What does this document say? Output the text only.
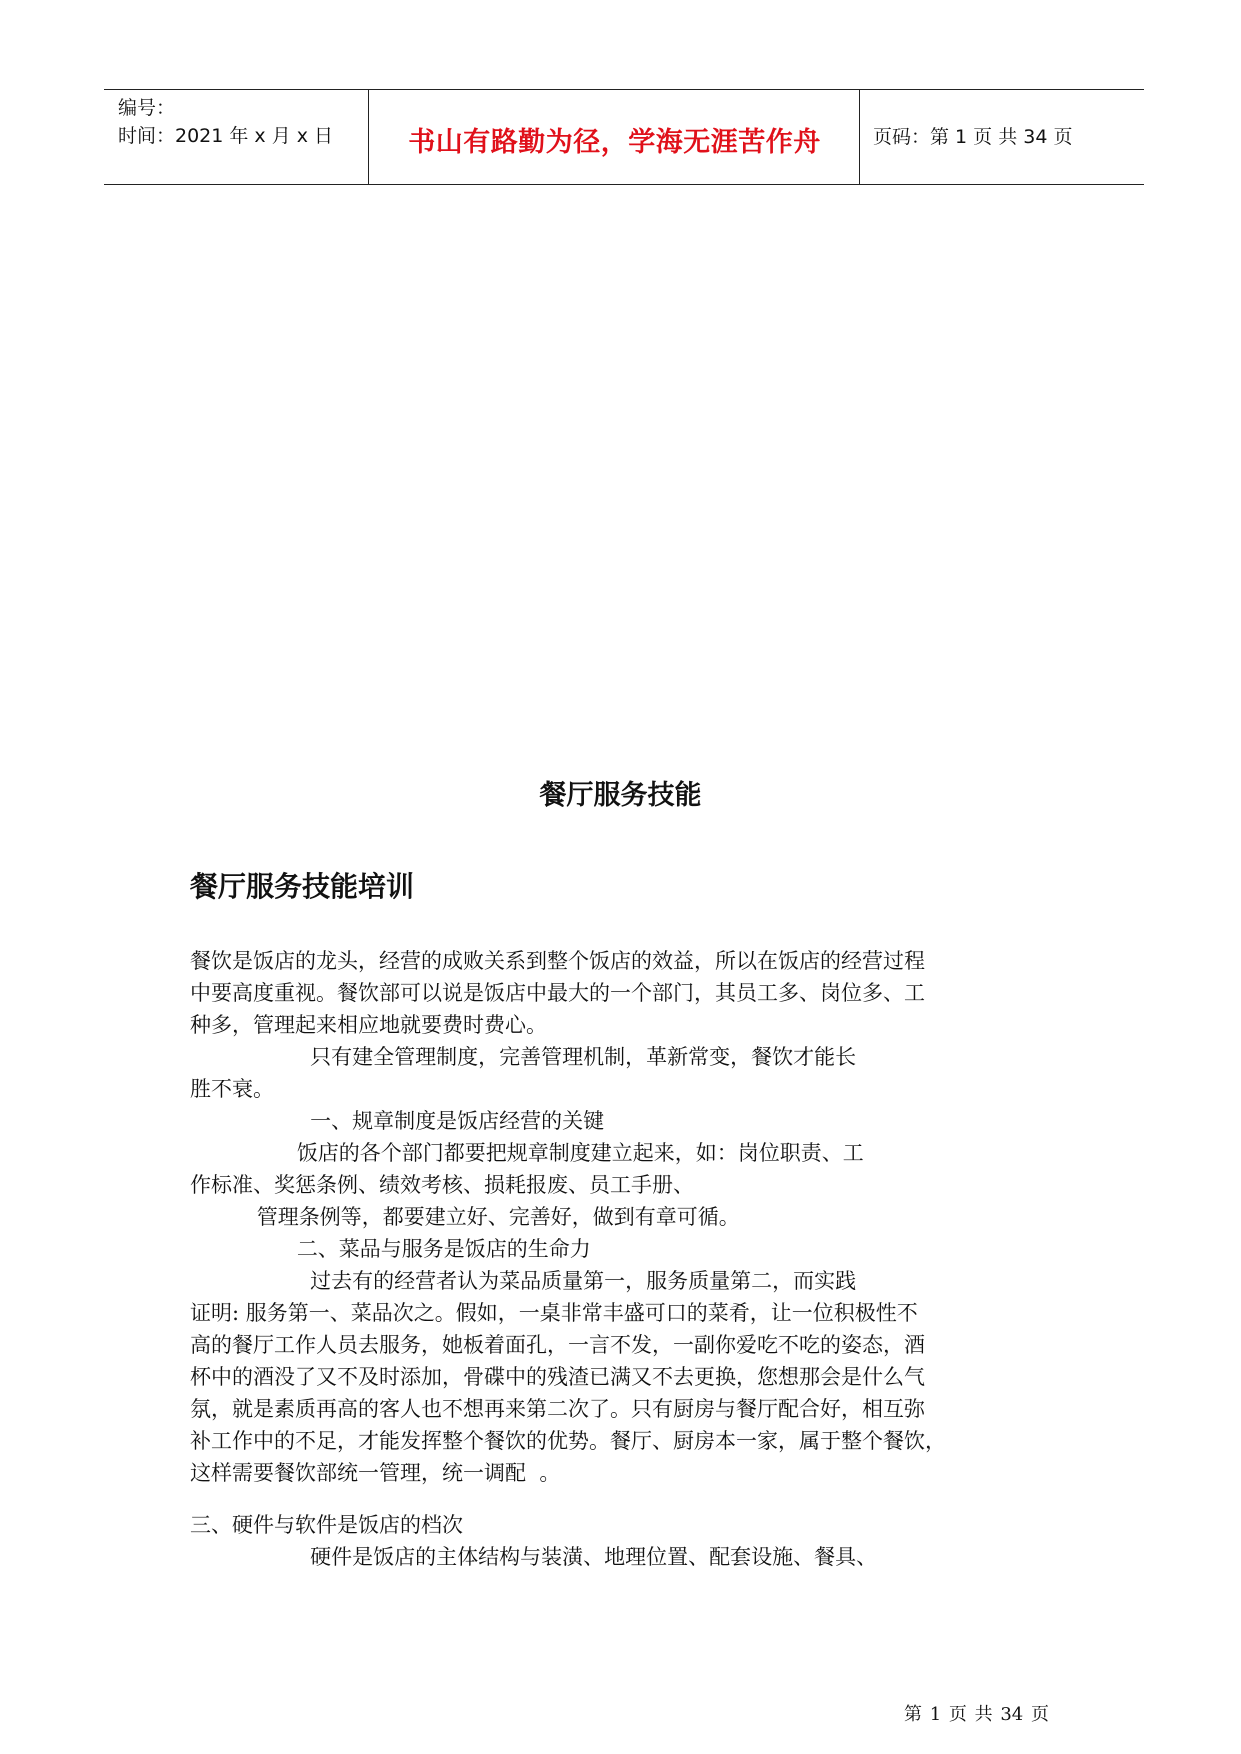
编号：
时间：2021 年 x 月 x 日	书山有路勤为径，学海无涯苦作舟	页码：第 1 页 共 34 页
餐厅服务技能
餐厅服务技能培训

餐饮是饭店的龙头，经营的成败关系到整个饭店的效益，所以在饭店的经营过程

中要高度重视。餐饮部可以说是饭店中最大的一个部门，其员工多、岗位多、工

种多，管理起来相应地就要费时费心。

只有建全管理制度，完善管理机制，革新常变，餐饮才能长

胜不衰。

一、规章制度是饭店经营的关键

饭店的各个部门都要把规章制度建立起来，如：岗位职责、工

作标准、奖惩条例、绩效考核、损耗报废、员工手册、

管理条例等，都要建立好、完善好，做到有章可循。

二、菜品与服务是饭店的生命力

过去有的经营者认为菜品质量第一，服务质量第二，而实践

证明: 服务第一、菜品次之。假如，一桌非常丰盛可口的菜肴，让一位积极性不

高的餐厅工作人员去服务，她板着面孔，一言不发，一副你爱吃不吃的姿态，酒

杯中的酒没了又不及时添加，骨碟中的残渣已满又不去更换，您想那会是什么气

氛，就是素质再高的客人也不想再来第二次了。只有厨房与餐厅配合好，相互弥

补工作中的不足，才能发挥整个餐饮的优势。餐厅、厨房本一家，属于整个餐饮，

这样需要餐饮部统一管理，统一调配  。

三、硬件与软件是饭店的档次

硬件是饭店的主体结构与装潢、地理位置、配套设施、餐具、

第 1 页 共 34 页
